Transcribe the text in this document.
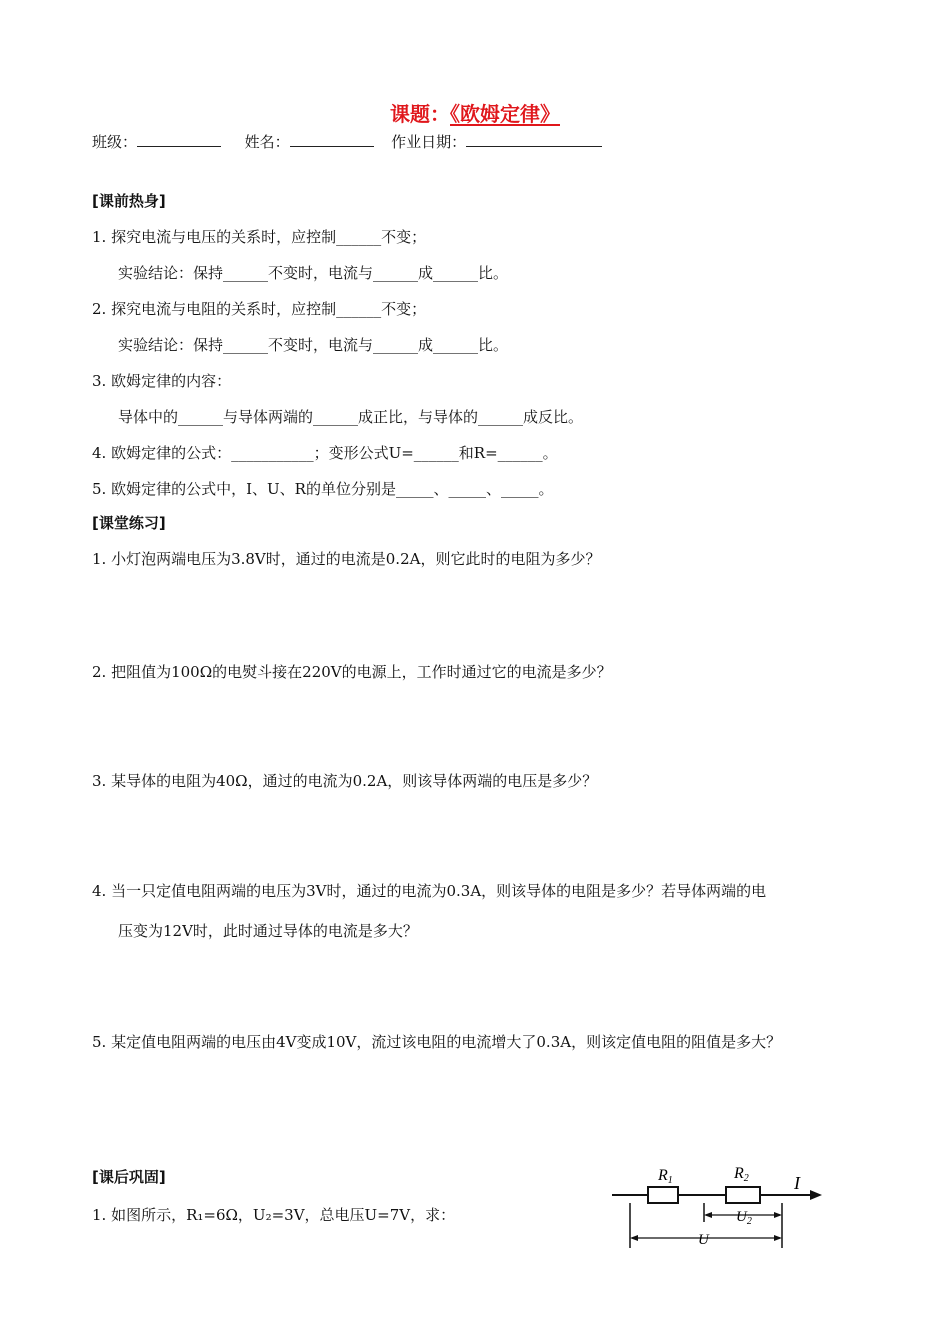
课题：《欧姆定律》
班级：	姓名：	作业日期：
[课前热身]
1. 探究电流与电压的关系时，应控制______不变；
实验结论：保持______不变时，电流与______成______比。
2. 探究电流与电阻的关系时，应控制______不变；
实验结论：保持______不变时，电流与______成______比。
3. 欧姆定律的内容：
导体中的______与导体两端的______成正比，与导体的______成反比。
4. 欧姆定律的公式：___________；变形公式U=______和R=______。
5. 欧姆定律的公式中，I、U、R的单位分别是_____、_____、_____。
[课堂练习]
1. 小灯泡两端电压为3.8V时，通过的电流是0.2A，则它此时的电阻为多少？
2. 把阻值为100Ω的电熨斗接在220V的电源上，工作时通过它的电流是多少？
3. 某导体的电阻为40Ω，通过的电流为0.2A，则该导体两端的电压是多少？
4. 当一只定值电阻两端的电压为3V时，通过的电流为0.3A，则该导体的电阻是多少？若导体两端的电
压变为12V时，此时通过导体的电流是多大？
5. 某定值电阻两端的电压由4V变成10V，流过该电阻的电流增大了0.3A，则该定值电阻的阻值是多大？
[课后巩固]
1. 如图所示，R₁=6Ω，U₂=3V，总电压U=7V，求：
R1	R2	I
$U_2$
U
